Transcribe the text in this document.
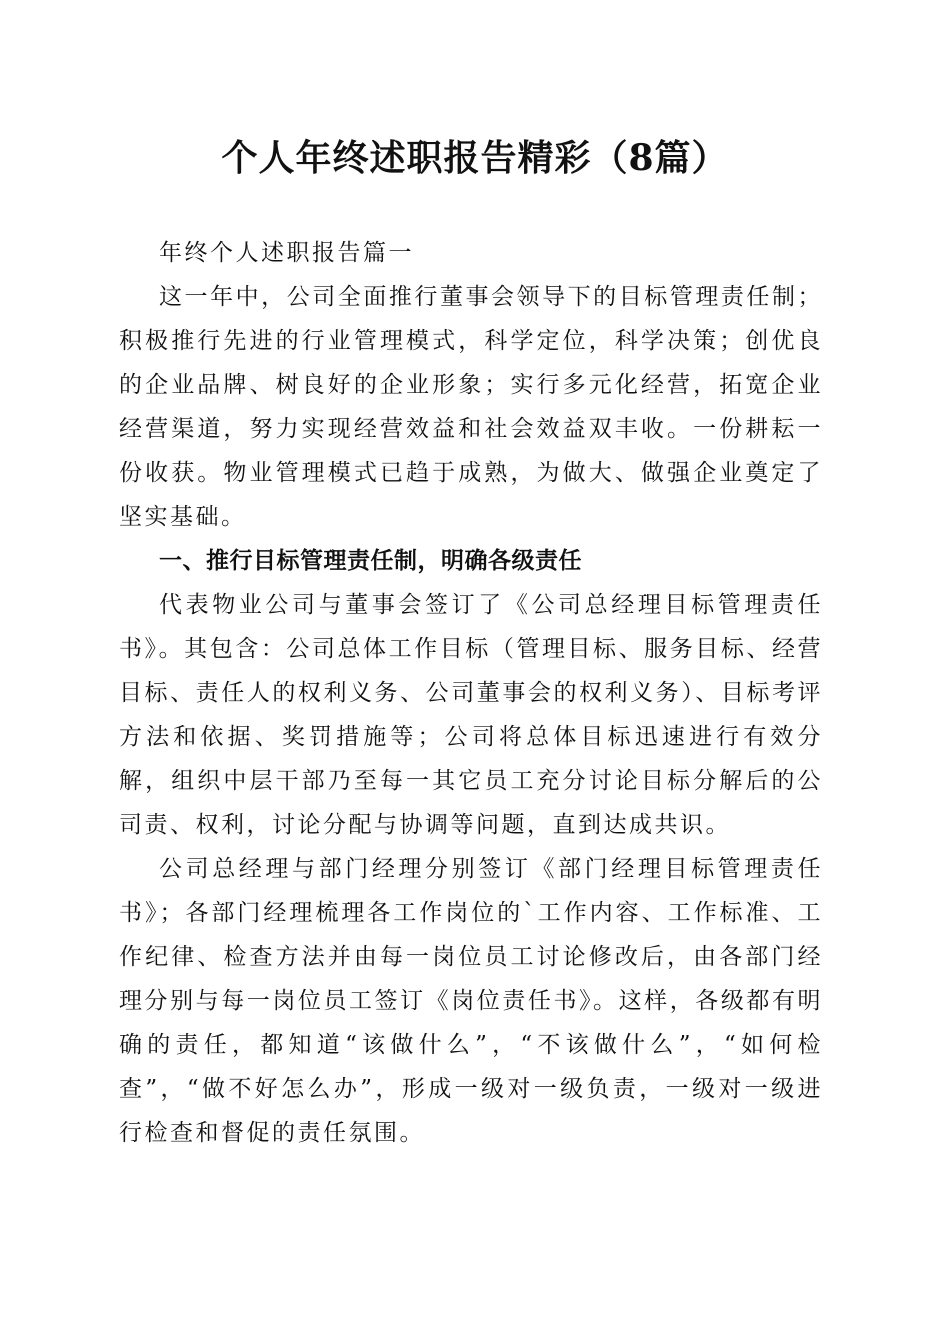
个人年终述职报告精彩（8篇）

年终个人述职报告篇一

这一年中，公司全面推行董事会领导下的目标管理责任制；积极推行先进的行业管理模式，科学定位，科学决策；创优良的企业品牌、树良好的企业形象；实行多元化经营，拓宽企业经营渠道，努力实现经营效益和社会效益双丰收。一份耕耘一份收获。物业管理模式已趋于成熟，为做大、做强企业奠定了坚实基础。

一、推行目标管理责任制，明确各级责任

代表物业公司与董事会签订了《公司总经理目标管理责任书》。其包含：公司总体工作目标（管理目标、服务目标、经营目标、责任人的权利义务、公司董事会的权利义务）、目标考评方法和依据、奖罚措施等；公司将总体目标迅速进行有效分解，组织中层干部乃至每一其它员工充分讨论目标分解后的公司责、权利，讨论分配与协调等问题，直到达成共识。

公司总经理与部门经理分别签订《部门经理目标管理责任书》；各部门经理梳理各工作岗位的`工作内容、工作标准、工作纪律、检查方法并由每一岗位员工讨论修改后，由各部门经理分别与每一岗位员工签订《岗位责任书》。这样，各级都有明确的责任，都知道“该做什么”，“不该做什么”，“如何检查”，“做不好怎么办”，形成一级对一级负责，一级对一级进行检查和督促的责任氛围。
